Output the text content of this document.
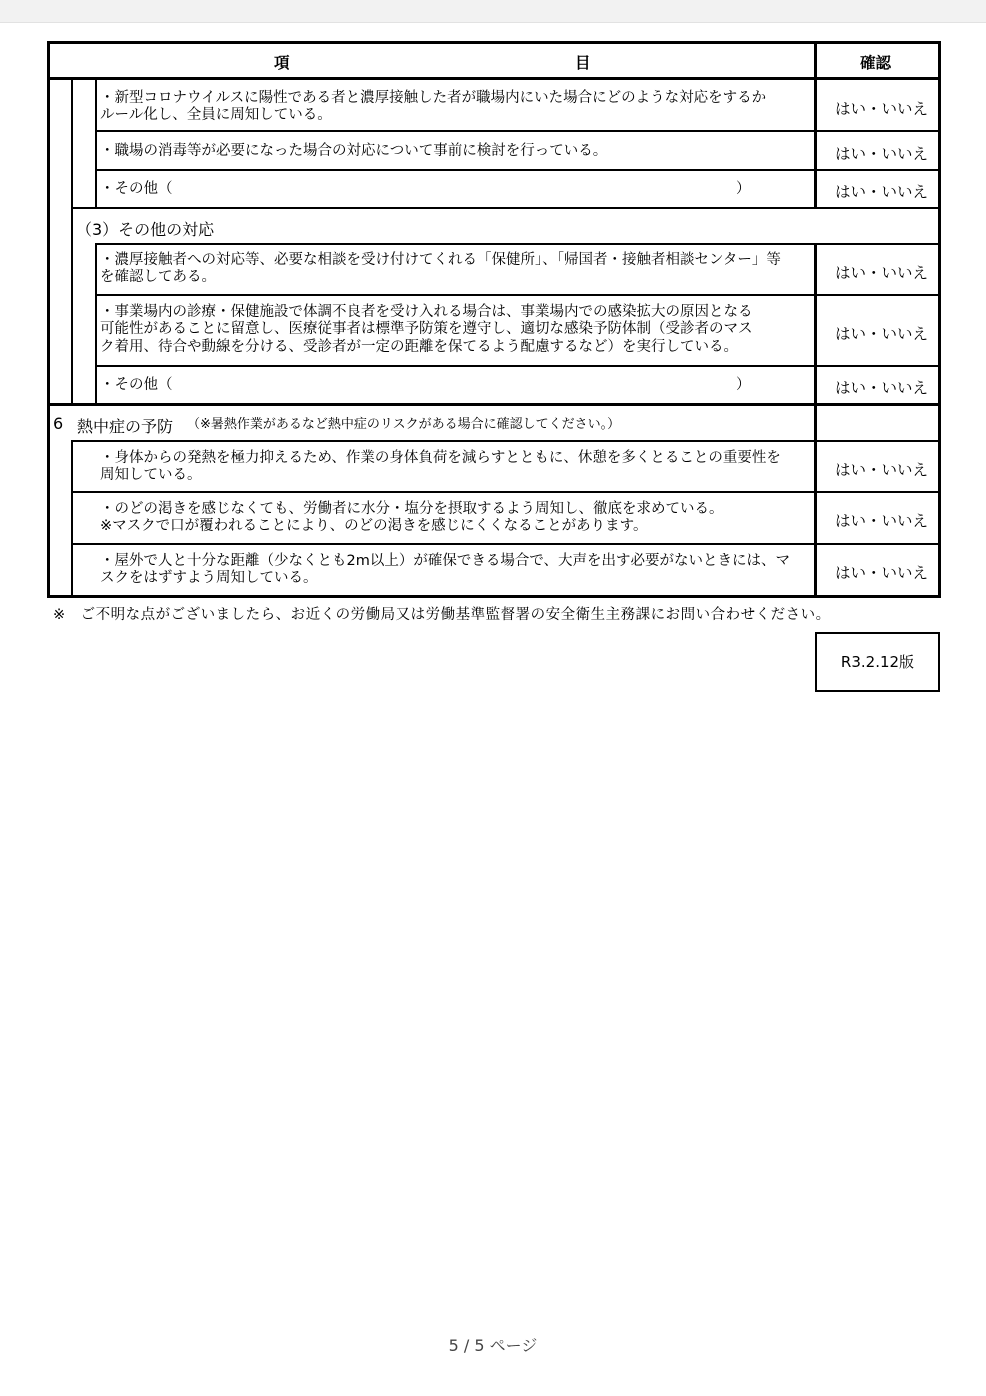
項	目	確認
・新型コロナウイルスに陽性である者と濃厚接触した者が職場内にいた場合にどのような対応をするか
ルール化し、全員に周知している。	はい・いいえ
・職場の消毒等が必要になった場合の対応について事前に検討を行っている。	はい・いいえ
・その他（	）	はい・いいえ
（3）その他の対応
・濃厚接触者への対応等、必要な相談を受け付けてくれる「保健所」、「帰国者・接触者相談センター」等
を確認してある。	はい・いいえ
・事業場内の診療・保健施設で体調不良者を受け入れる場合は、事業場内での感染拡大の原因となる
可能性があることに留意し、医療従事者は標準予防策を遵守し、適切な感染予防体制（受診者のマス
ク着用、待合や動線を分ける、受診者が一定の距離を保てるよう配慮するなど）を実行している。
はい・いいえ
・その他（	）	はい・いいえ
6 熱中症の予防 （※暑熱作業があるなど熱中症のリスクがある場合に確認してください。）
・身体からの発熱を極力抑えるため、作業の身体負荷を減らすとともに、休憩を多くとることの重要性を
周知している。	はい・いいえ
・のどの渇きを感じなくても、労働者に水分・塩分を摂取するよう周知し、徹底を求めている。
※マスクで口が覆われることにより、のどの渇きを感じにくくなることがあります。	はい・いいえ
・屋外で人と十分な距離（少なくとも2m以上）が確保できる場合で、大声を出す必要がないときには、マ
スクをはずすよう周知している。	はい・いいえ
※　ご不明な点がございましたら、お近くの労働局又は労働基準監督署の安全衛生主務課にお問い合わせください。
R3.2.12版
5 / 5 ページ
